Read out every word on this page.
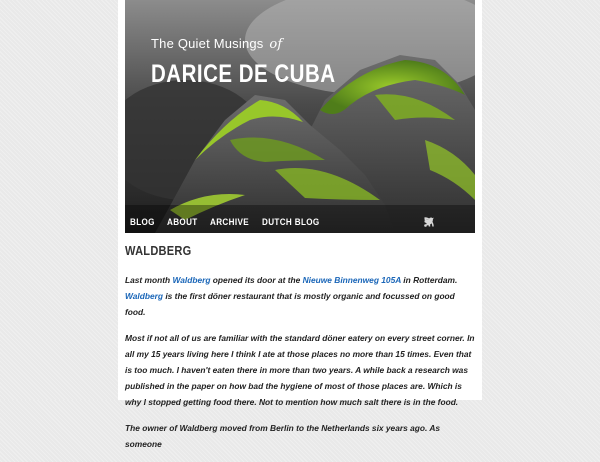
The Quiet Musings of
DARICE DE CUBA
BLOG ABOUT ARCHIVE DUTCH BLOG
WALDBERG

Last month Waldberg opened its door at the Nieuwe Binnenweg 105A in Rotterdam. Waldberg is the first döner restaurant that is mostly organic and focussed on good food.

Most if not all of us are familiar with the standard döner eatery on every street corner. In all my 15 years living here I think I ate at those places no more than 15 times. Even that is too much. I haven't eaten there in more than two years. A while back a research was published in the paper on how bad the hygiene of most of those places are. Which is why I stopped getting food there. Not to mention how much salt there is in the food.

The owner of Waldberg moved from Berlin to the Netherlands six years ago. As someone
